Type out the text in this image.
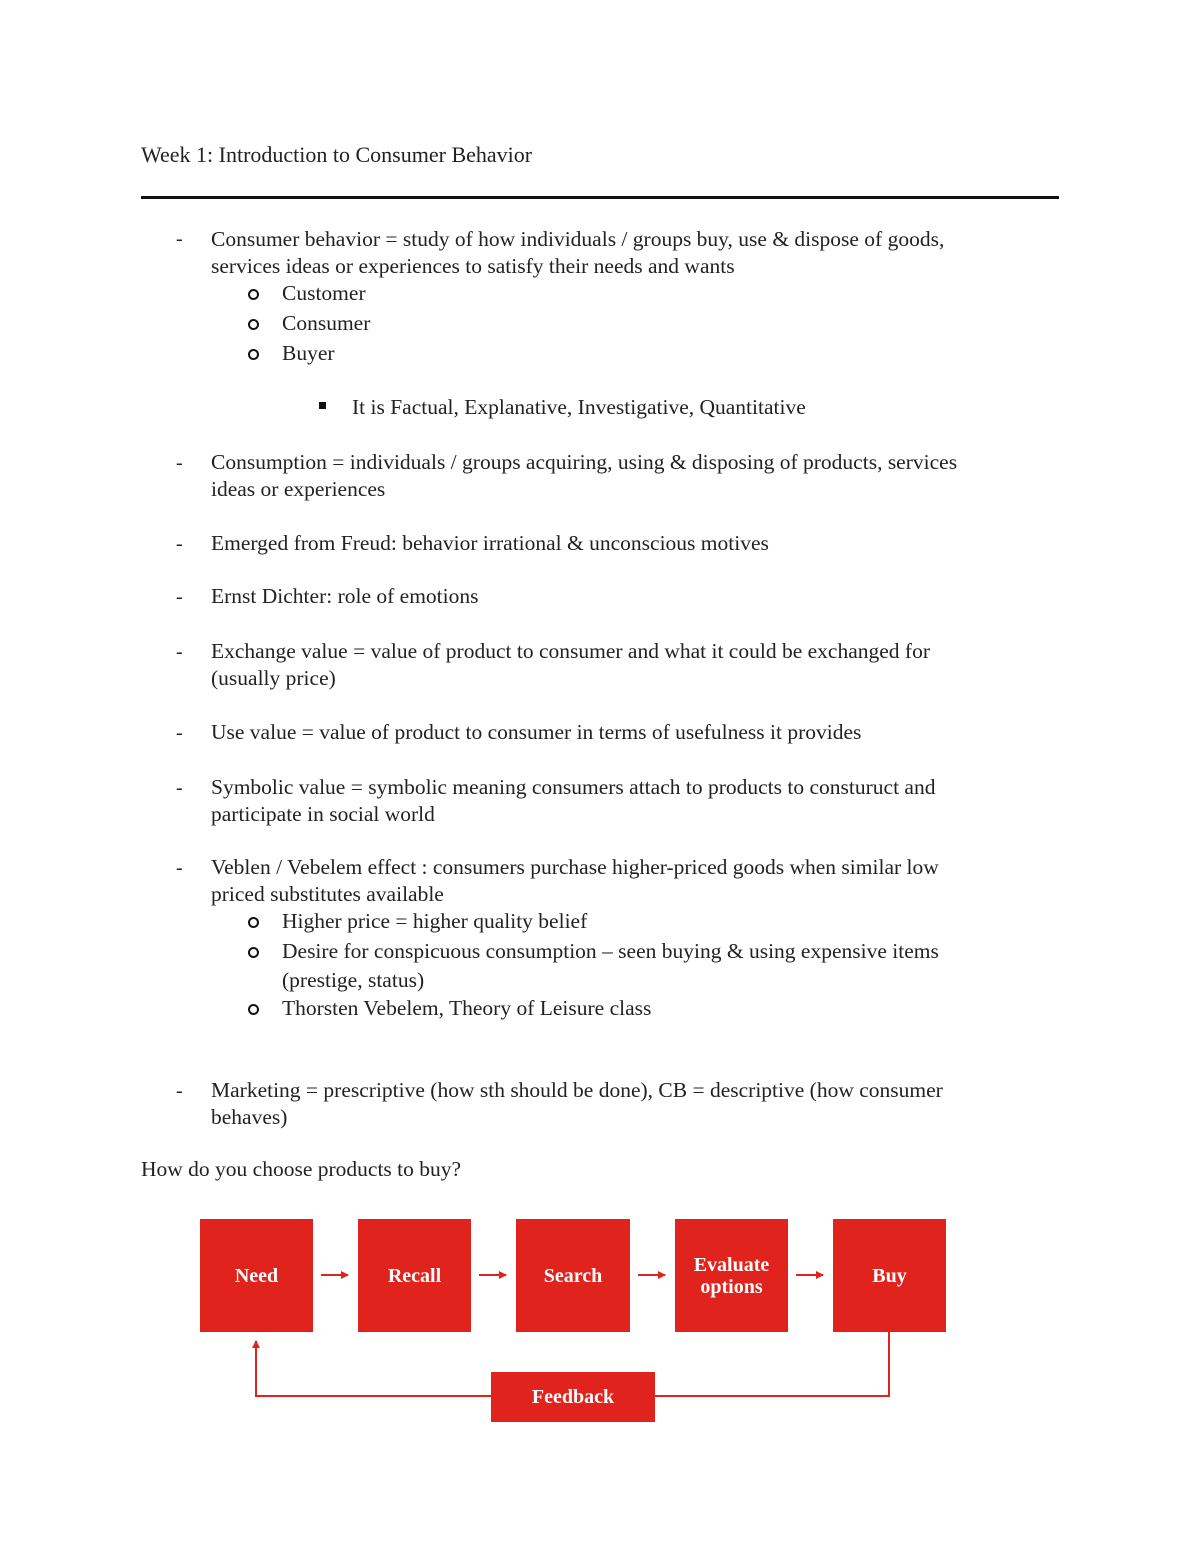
Week 1: Introduction to Consumer Behavior
- Consumer behavior = study of how individuals / groups buy, use & dispose of goods,
services ideas or experiences to satisfy their needs and wants
Customer
Consumer
Buyer
It is Factual, Explanative, Investigative, Quantitative
- Consumption = individuals / groups acquiring, using & disposing of products, services
ideas or experiences
- Emerged from Freud: behavior irrational & unconscious motives
- Ernst Dichter: role of emotions
- Exchange value = value of product to consumer and what it could be exchanged for
(usually price)
- Use value = value of product to consumer in terms of usefulness it provides
- Symbolic value = symbolic meaning consumers attach to products to consturuct and
participate in social world
- Veblen / Vebelem effect : consumers purchase higher-priced goods when similar low
priced substitutes available
Higher price = higher quality belief
Desire for conspicuous consumption – seen buying & using expensive items
(prestige, status)
Thorsten Vebelem, Theory of Leisure class
- Marketing = prescriptive (how sth should be done), CB = descriptive (how consumer
behaves)
How do you choose products to buy?
Need	Recall	Search	Evaluate options	Buy
Feedback
